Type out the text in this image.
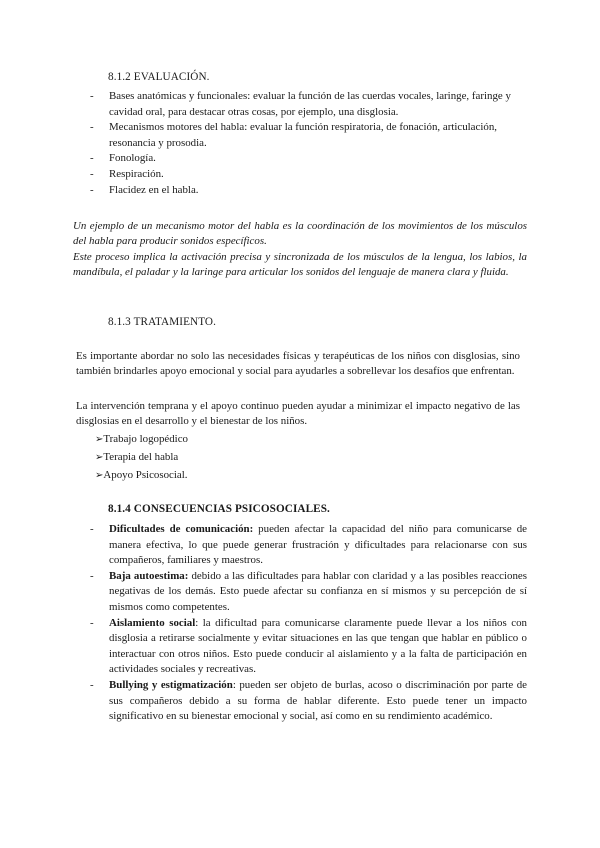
8.1.2 EVALUACIÓN.
- Bases anatómicas y funcionales: evaluar la función de las cuerdas vocales, laringe, faringe y cavidad oral, para destacar otras cosas, por ejemplo, una disglosia.
- Mecanismos motores del habla: evaluar la función respiratoria, de fonación, articulación, resonancia y prosodia.
- Fonología.
- Respiración.
- Flacidez en el habla.

Un ejemplo de un mecanismo motor del habla es la coordinación de los movimientos de los músculos del habla para producir sonidos específicos.

Este proceso implica la activación precisa y sincronizada de los músculos de la lengua, los labios, la mandíbula, el paladar y la laringe para articular los sonidos del lenguaje de manera clara y fluida.

8.1.3 TRATAMIENTO.

Es importante abordar no solo las necesidades físicas y terapéuticas de los niños con disglosias, sino también brindarles apoyo emocional y social para ayudarles a sobrellevar los desafíos que enfrentan.

La intervención temprana y el apoyo continuo pueden ayudar a minimizar el impacto negativo de las disglosias en el desarrollo y el bienestar de los niños.

➢Trabajo logopédico
➢Terapia del habla
➢Apoyo Psicosocial.
8.1.4 CONSECUENCIAS PSICOSOCIALES.
- Dificultades de comunicación: pueden afectar la capacidad del niño para comunicarse de manera efectiva, lo que puede generar frustración y dificultades para relacionarse con sus compañeros, familiares y maestros.
- Baja autoestima: debido a las dificultades para hablar con claridad y a las posibles reacciones negativas de los demás. Esto puede afectar su confianza en sí mismos y su percepción de sí mismos como competentes.
- Aislamiento social: la dificultad para comunicarse claramente puede llevar a los niños con disglosia a retirarse socialmente y evitar situaciones en las que tengan que hablar en público o interactuar con otros niños. Esto puede conducir al aislamiento y a la falta de participación en actividades sociales y recreativas.
- Bullying y estigmatización: pueden ser objeto de burlas, acoso o discriminación por parte de sus compañeros debido a su forma de hablar diferente. Esto puede tener un impacto significativo en su bienestar emocional y social, así como en su rendimiento académico.
